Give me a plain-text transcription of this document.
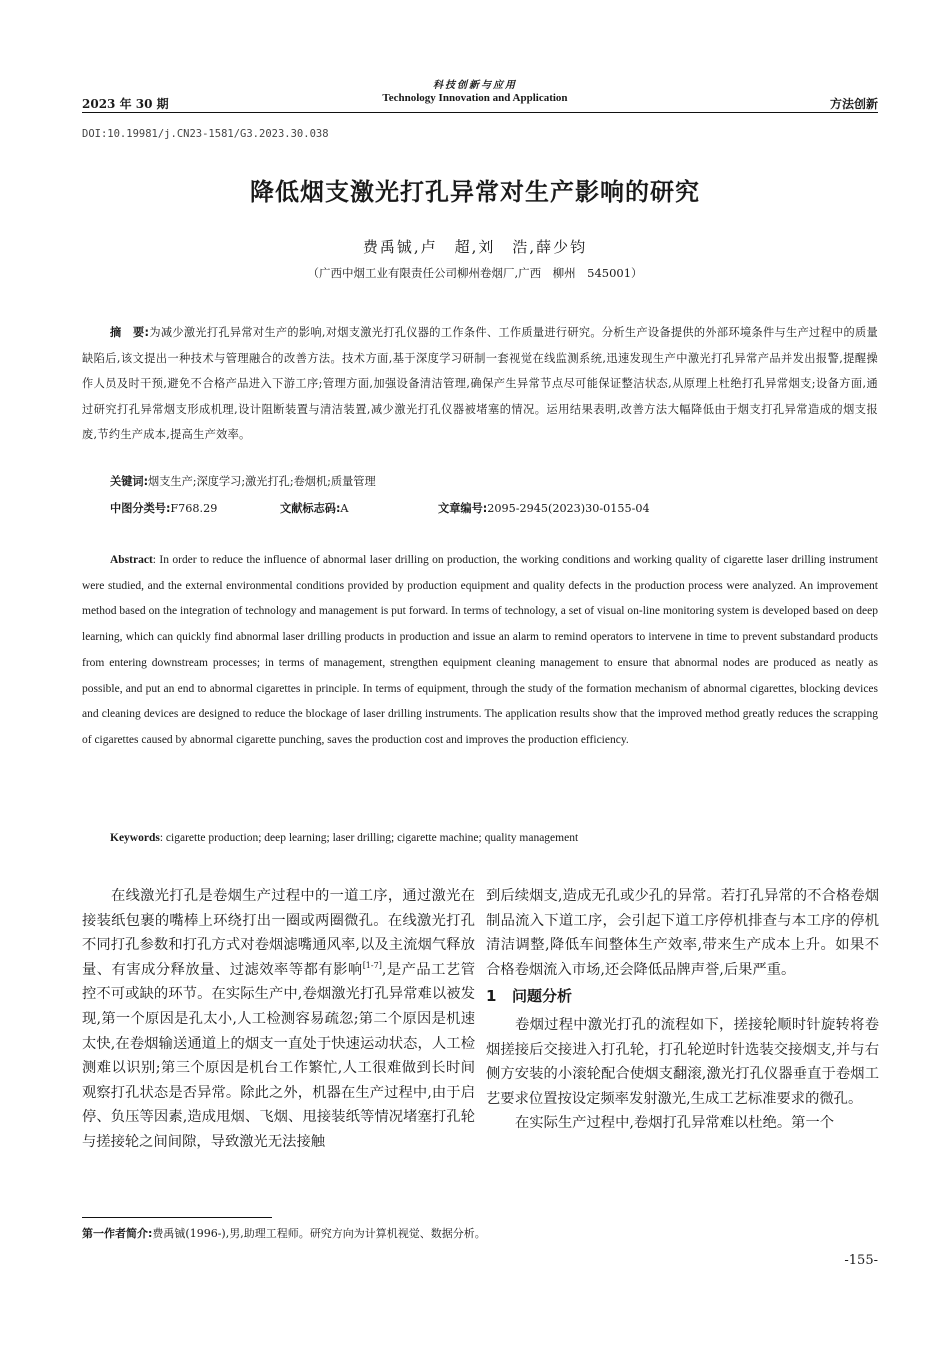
科技创新与应用
Technology Innovation and Application
2023 年 30 期	方法创新
DOI:10.19981/j.CN23-1581/G3.2023.30.038
降低烟支激光打孔异常对生产影响的研究
费禹铖,卢　超,刘　浩,薛少钧
（广西中烟工业有限责任公司柳州卷烟厂,广西　柳州　545001）
摘　要:为减少激光打孔异常对生产的影响,对烟支激光打孔仪器的工作条件、工作质量进行研究。分析生产设备提供的外部环境条件与生产过程中的质量缺陷后,该文提出一种技术与管理融合的改善方法。技术方面,基于深度学习研制一套视觉在线监测系统,迅速发现生产中激光打孔异常产品并发出报警,提醒操作人员及时干预,避免不合格产品进入下游工序;管理方面,加强设备清洁管理,确保产生异常节点尽可能保证整洁状态,从原理上杜绝打孔异常烟支;设备方面,通过研究打孔异常烟支形成机理,设计阻断装置与清洁装置,减少激光打孔仪器被堵塞的情况。运用结果表明,改善方法大幅降低由于烟支打孔异常造成的烟支报废,节约生产成本,提高生产效率。
关键词:烟支生产;深度学习;激光打孔;卷烟机;质量管理
中图分类号:F768.29	文献标志码:A	文章编号:2095-2945(2023)30-0155-04
Abstract: In order to reduce the influence of abnormal laser drilling on production, the working conditions and working quality of cigarette laser drilling instrument were studied, and the external environmental conditions provided by production equipment and quality defects in the production process were analyzed. An improvement method based on the integration of technology and management is put forward. In terms of technology, a set of visual on-line monitoring system is developed based on deep learning, which can quickly find abnormal laser drilling products in production and issue an alarm to remind operators to intervene in time to prevent substandard products from entering downstream processes; in terms of management, strengthen equipment cleaning management to ensure that abnormal nodes are produced as neatly as possible, and put an end to abnormal cigarettes in principle. In terms of equipment, through the study of the formation mechanism of abnormal cigarettes, blocking devices and cleaning devices are designed to reduce the blockage of laser drilling instruments. The application results show that the improved method greatly reduces the scrapping of cigarettes caused by abnormal cigarette punching, saves the production cost and improves the production efficiency.
Keywords: cigarette production; deep learning; laser drilling; cigarette machine; quality management

在线激光打孔是卷烟生产过程中的一道工序，通过激光在接装纸包裹的嘴棒上环绕打出一圈或两圈微孔。在线激光打孔不同打孔参数和打孔方式对卷烟滤嘴通风率,以及主流烟气释放量、有害成分释放量、过滤效率等都有影响[1-7],是产品工艺管控不可或缺的环节。在实际生产中,卷烟激光打孔异常难以被发现,第一个原因是孔太小,人工检测容易疏忽;第二个原因是机速太快,在卷烟输送通道上的烟支一直处于快速运动状态，人工检测难以识别;第三个原因是机台工作繁忙,人工很难做到长时间观察打孔状态是否异常。除此之外，机器在生产过程中,由于启停、负压等因素,造成甩烟、飞烟、甩接装纸等情况堵塞打孔轮与搓接轮之间间隙，导致激光无法接触

到后续烟支,造成无孔或少孔的异常。若打孔异常的不合格卷烟制品流入下道工序，会引起下道工序停机排查与本工序的停机清洁调整,降低车间整体生产效率,带来生产成本上升。如果不合格卷烟流入市场,还会降低品牌声誉,后果严重。

1 问题分析

卷烟过程中激光打孔的流程如下，搓接轮顺时针旋转将卷烟搓接后交接进入打孔轮，打孔轮逆时针选装交接烟支,并与右侧方安装的小滚轮配合使烟支翻滚,激光打孔仪器垂直于卷烟工艺要求位置按设定频率发射激光,生成工艺标准要求的微孔。

在实际生产过程中,卷烟打孔异常难以杜绝。第一个

第一作者简介:费禹铖(1996-),男,助理工程师。研究方向为计算机视觉、数据分析。
-155-
